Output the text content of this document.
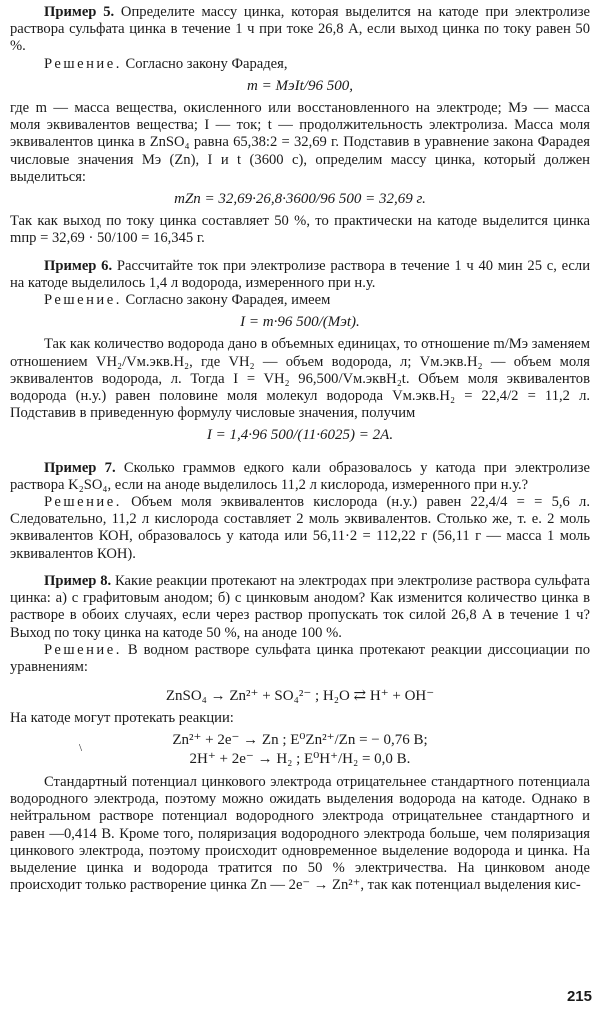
Пример 5. Определите массу цинка, которая выделится на катоде при электролизе раствора сульфата цинка в течение 1 ч при токе 26,8 А, если выход цинка по току равен 50 %.

Решение. Согласно закону Фарадея,

m = MэIt/96 500,

где m — масса вещества, окисленного или восстановленного на электроде; Mэ — масса моля эквивалентов вещества; I — ток; t — продолжительность электролиза. Масса моля эквивалентов цинка в ZnSO₄ равна 65,38:2 = 32,69 г. Подставив в уравнение закона Фарадея числовые значения Mэ (Zn), I и t (3600 с), определим массу цинка, который должен выделиться:

mZn = 32,69·26,8·3600/96 500 = 32,69 г.

Так как выход по току цинка составляет 50 %, то практически на катоде выделится цинка mпр = 32,69 · 50/100 = 16,345 г.

Пример 6. Рассчитайте ток при электролизе раствора в течение 1 ч 40 мин 25 с, если на катоде выделилось 1,4 л водорода, измеренного при н.у.

Решение. Согласно закону Фарадея, имеем

I = m·96 500/(Mэt).

Так как количество водорода дано в объемных единицах, то отношение m/Mэ заменяем отношением VH₂/Vм.экв.H₂, где VH₂ — объем водорода, л; Vм.экв.H₂ — объем моля эквивалентов водорода, л. Тогда I = VH₂ 96,500/Vм.эквH₂t. Объем моля эквивалентов водорода (н.у.) равен половине моля молекул водорода Vм.экв.H₂ = 22,4/2 = 11,2 л. Подставив в приведенную формулу числовые значения, получим

I = 1,4·96 500/(11·6025) = 2A.

Пример 7. Сколько граммов едкого кали образовалось у катода при электролизе раствора K₂SO₄, если на аноде выделилось 11,2 л кислорода, измеренного при н.у.?

Решение. Объем моля эквивалентов кислорода (н.у.) равен 22,4/4 = = 5,6 л. Следовательно, 11,2 л кислорода составляет 2 моль эквивалентов. Столько же, т. е. 2 моль эквивалентов КОН, образовалось у катода или 56,11·2 = 112,22 г (56,11 г — масса 1 моль эквивалентов КОН).

Пример 8. Какие реакции протекают на электродах при электролизе раствора сульфата цинка: а) с графитовым анодом; б) с цинковым анодом? Как изменится количество цинка в растворе в обоих случаях, если через раствор пропускать ток силой 26,8 А в течение 1 ч? Выход по току цинка на катоде 50 %, на аноде 100 %.

Решение. В водном растворе сульфата цинка протекают реакции диссоциации по уравнениям:

ZnSO₄ → Zn²⁺ + SO₄²⁻ ; H₂O ⇄ H⁺ + OH⁻

На катоде могут протекать реакции:

Zn²⁺ + 2e⁻ → Zn ; E⁰Zn²⁺/Zn = − 0,76 В;

2H⁺ + 2e⁻ → H₂ ; E⁰H⁺/H₂ = 0,0 В.

Стандартный потенциал цинкового электрода отрицательнее стандартного потенциала водородного электрода, поэтому можно ожидать выделения водорода на катоде. Однако в нейтральном растворе потенциал водородного электрода отрицательнее стандартного и равен —0,414 В. Кроме того, поляризация водородного электрода больше, чем поляризация цинкового электрода, поэтому происходит одновременное выделение водорода и цинка. На выделение цинка и водорода тратится по 50 % электричества. На цинковом аноде происходит только растворение цинка Zn — 2e⁻ → Zn²⁺, так как потенциал выделения кис-

\
215
